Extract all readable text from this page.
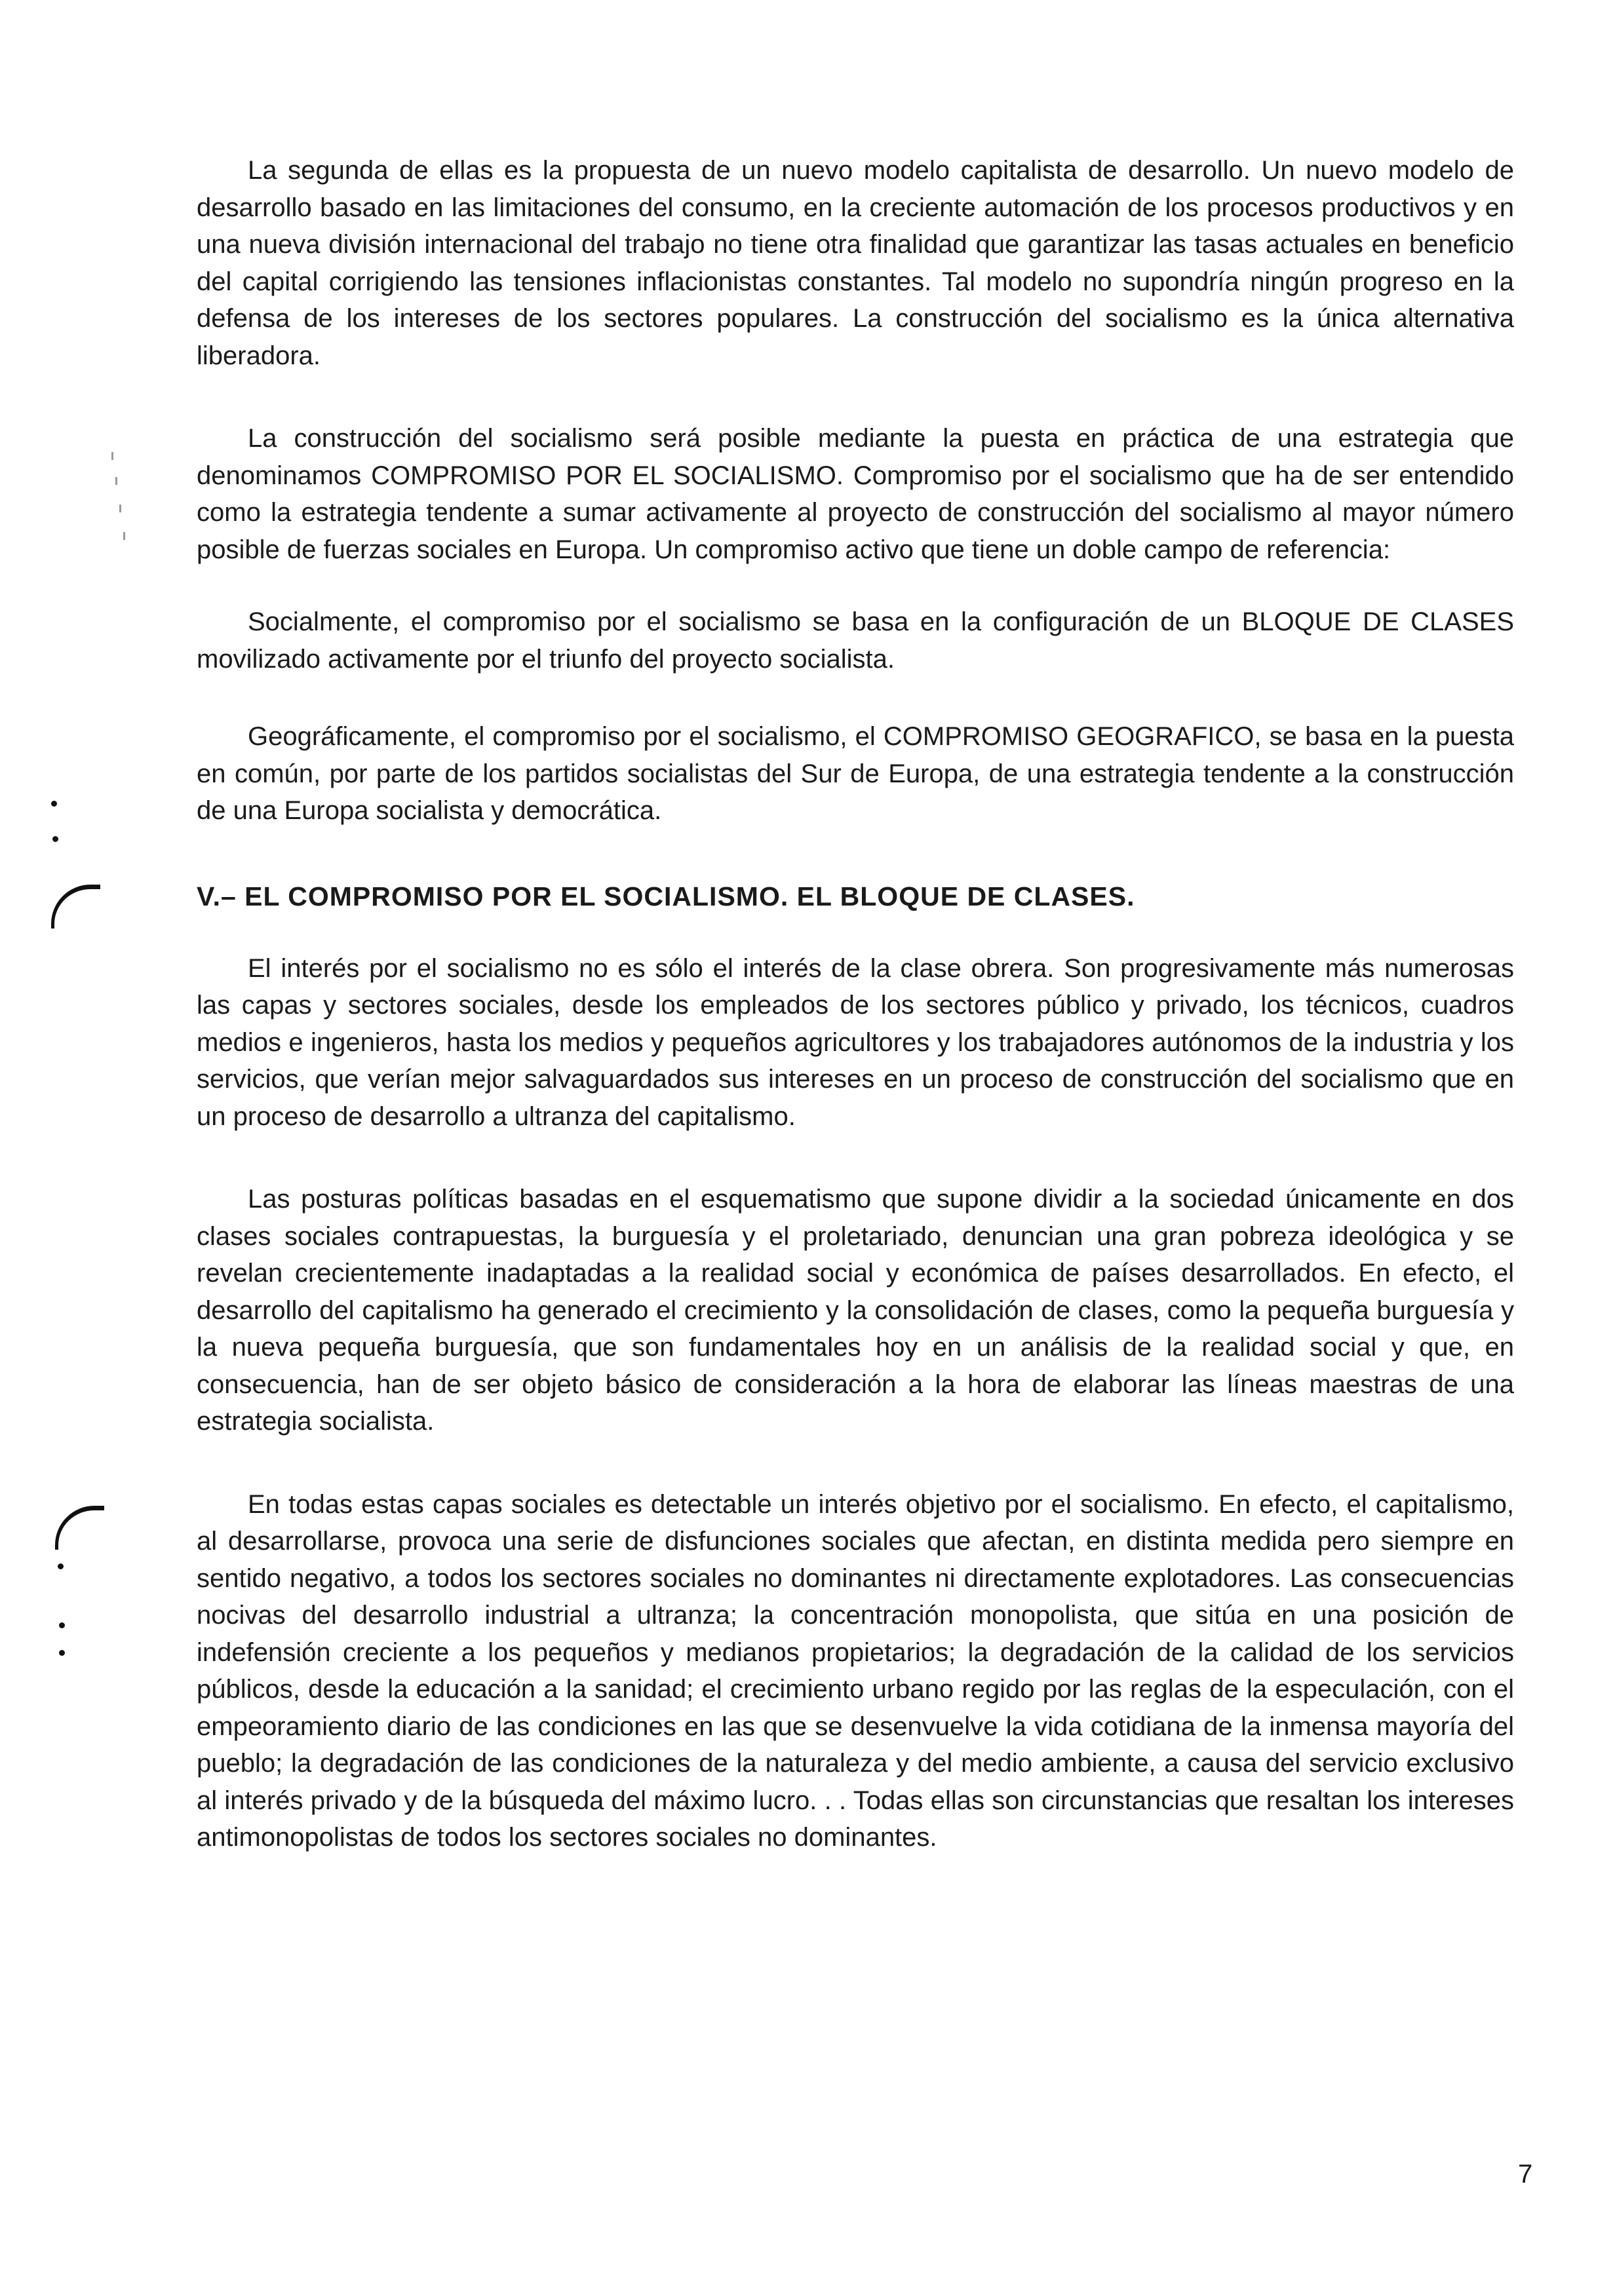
La segunda de ellas es la propuesta de un nuevo modelo capitalista de desarrollo. Un nuevo modelo de desarrollo basado en las limitaciones del consumo, en la creciente automación de los procesos productivos y en una nueva división internacional del trabajo no tiene otra finalidad que garantizar las tasas actuales en beneficio del capital corrigiendo las tensiones inflacionistas constantes. Tal modelo no supondría ningún progreso en la defensa de los intereses de los sectores populares. La construcción del socialismo es la única alternativa liberadora.

La construcción del socialismo será posible mediante la puesta en práctica de una estrategia que denominamos COMPROMISO POR EL SOCIALISMO. Compromiso por el socialismo que ha de ser entendido como la estrategia tendente a sumar activamente al proyecto de construcción del socialismo al mayor número posible de fuerzas sociales en Europa. Un compromiso activo que tiene un doble campo de referencia:

Socialmente, el compromiso por el socialismo se basa en la configuración de un BLOQUE DE CLASES movilizado activamente por el triunfo del proyecto socialista.

Geográficamente, el compromiso por el socialismo, el COMPROMISO GEOGRAFICO, se basa en la puesta en común, por parte de los partidos socialistas del Sur de Europa, de una estrategia tendente a la construcción de una Europa socialista y democrática.

V.– EL COMPROMISO POR EL SOCIALISMO. EL BLOQUE DE CLASES.

El interés por el socialismo no es sólo el interés de la clase obrera. Son progresivamente más numerosas las capas y sectores sociales, desde los empleados de los sectores público y privado, los técnicos, cuadros medios e ingenieros, hasta los medios y pequeños agricultores y los trabajadores autónomos de la industria y los servicios, que verían mejor salvaguardados sus intereses en un proceso de construcción del socialismo que en un proceso de desarrollo a ultranza del capitalismo.

Las posturas políticas basadas en el esquematismo que supone dividir a la sociedad únicamente en dos clases sociales contrapuestas, la burguesía y el proletariado, denuncian una gran pobreza ideológica y se revelan crecientemente inadaptadas a la realidad social y económica de países desarrollados. En efecto, el desarrollo del capitalismo ha generado el crecimiento y la consolidación de clases, como la pequeña burguesía y la nueva pequeña burguesía, que son fundamentales hoy en un análisis de la realidad social y que, en consecuencia, han de ser objeto básico de consideración a la hora de elaborar las líneas maestras de una estrategia socialista.

En todas estas capas sociales es detectable un interés objetivo por el socialismo. En efecto, el capitalismo, al desarrollarse, provoca una serie de disfunciones sociales que afectan, en distinta medida pero siempre en sentido negativo, a todos los sectores sociales no dominantes ni directamente explotadores. Las consecuencias nocivas del desarrollo industrial a ultranza; la concentración monopolista, que sitúa en una posición de indefensión creciente a los pequeños y medianos propietarios; la degradación de la calidad de los servicios públicos, desde la educación a la sanidad; el crecimiento urbano regido por las reglas de la especulación, con el empeoramiento diario de las condiciones en las que se desenvuelve la vida cotidiana de la inmensa mayoría del pueblo; la degradación de las condiciones de la naturaleza y del medio ambiente, a causa del servicio exclusivo al interés privado y de la búsqueda del máximo lucro. . . Todas ellas son circunstancias que resaltan los intereses antimonopolistas de todos los sectores sociales no dominantes.

7
